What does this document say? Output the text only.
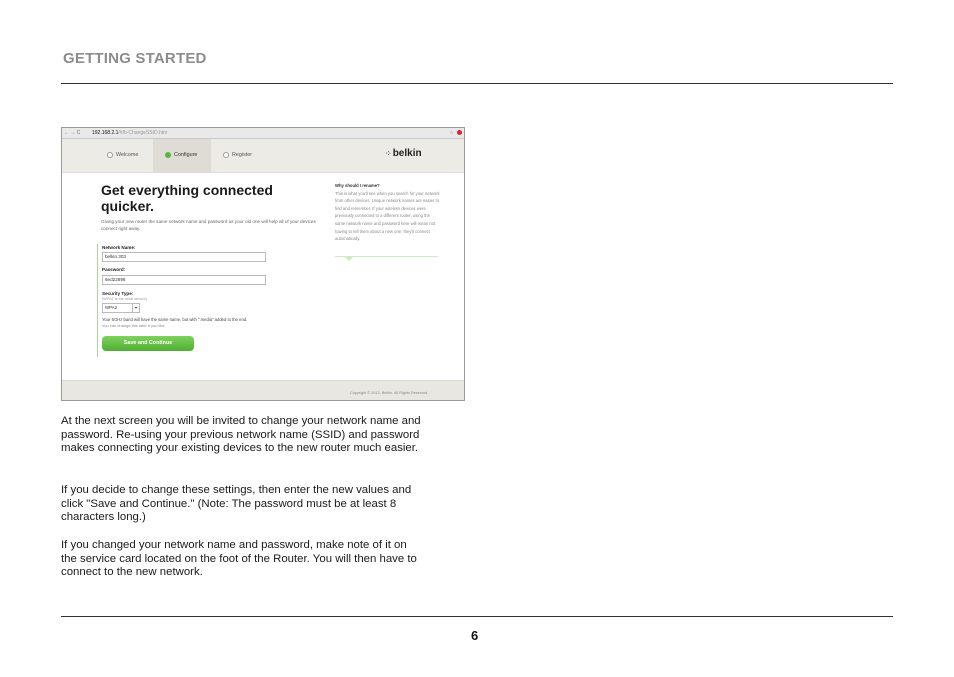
GETTING STARTED
← → C 192.168.2.1/#/b-ChangeSSID.htm	☆
Welcome	Configure	Register	⁘ belkin
Get everything connected quicker.
Giving your new router the same network name and password as your old one will help all of your devices connect right away.
Network Name:
belkin.303
Password:
6ed22896
Security Type:
(WPA2 is the most secure)
WPA2	▾
Your 5GHz band will have the same name, but with ".media" added to the end.
You can change this later if you like.
Save and Continue
Why should I rename?
This is what you'll see when you search for your network from other devices. Unique network names are easier to find and remember. If your wireless devices were previously connected to a different router, using the same network name and password here will mean not having to tell them about a new one; they'll connect automatically.
Copyright © 2012, Belkin. All Rights Reserved.
At the next screen you will be invited to change your network name and password. Re-using your previous network name (SSID) and password makes connecting your existing devices to the new router much easier.
If you decide to change these settings, then enter the new values and click "Save and Continue." (Note: The password must be at least 8 characters long.)
If you changed your network name and password, make note of it on the service card located on the foot of the Router. You will then have to connect to the new network.
6
